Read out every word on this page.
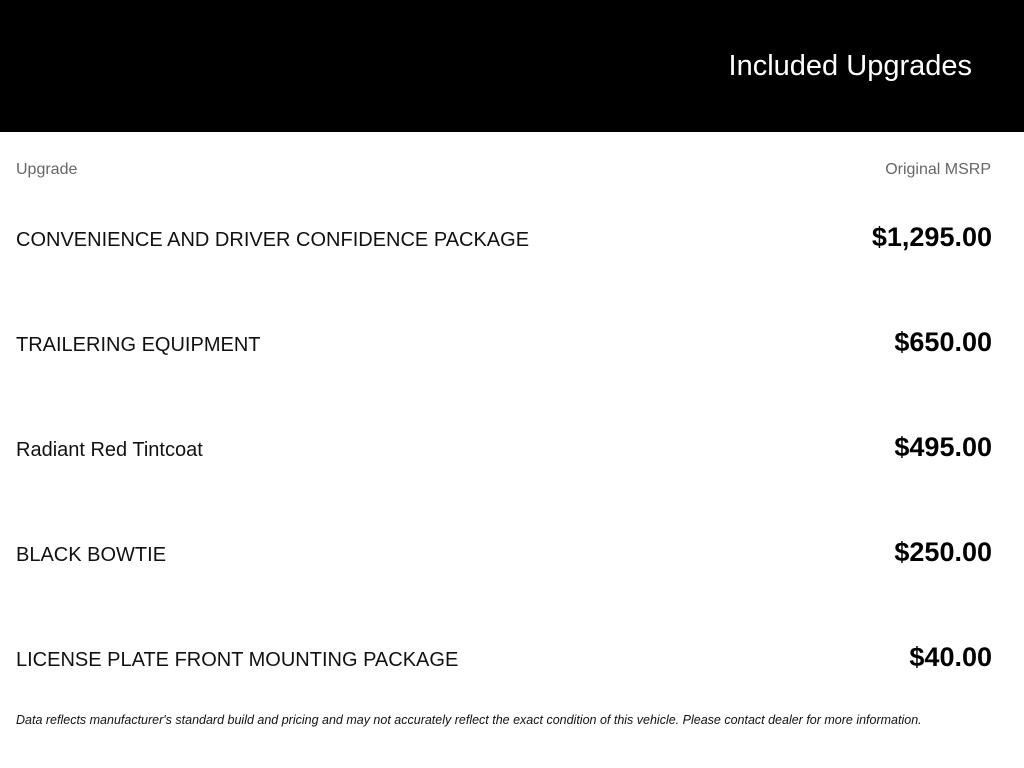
Included Upgrades
Upgrade	Original MSRP
CONVENIENCE AND DRIVER CONFIDENCE PACKAGE	$1,295.00
TRAILERING EQUIPMENT	$650.00
Radiant Red Tintcoat	$495.00
BLACK BOWTIE	$250.00
LICENSE PLATE FRONT MOUNTING PACKAGE	$40.00
Data reflects manufacturer's standard build and pricing and may not accurately reflect the exact condition of this vehicle. Please contact dealer for more information.
